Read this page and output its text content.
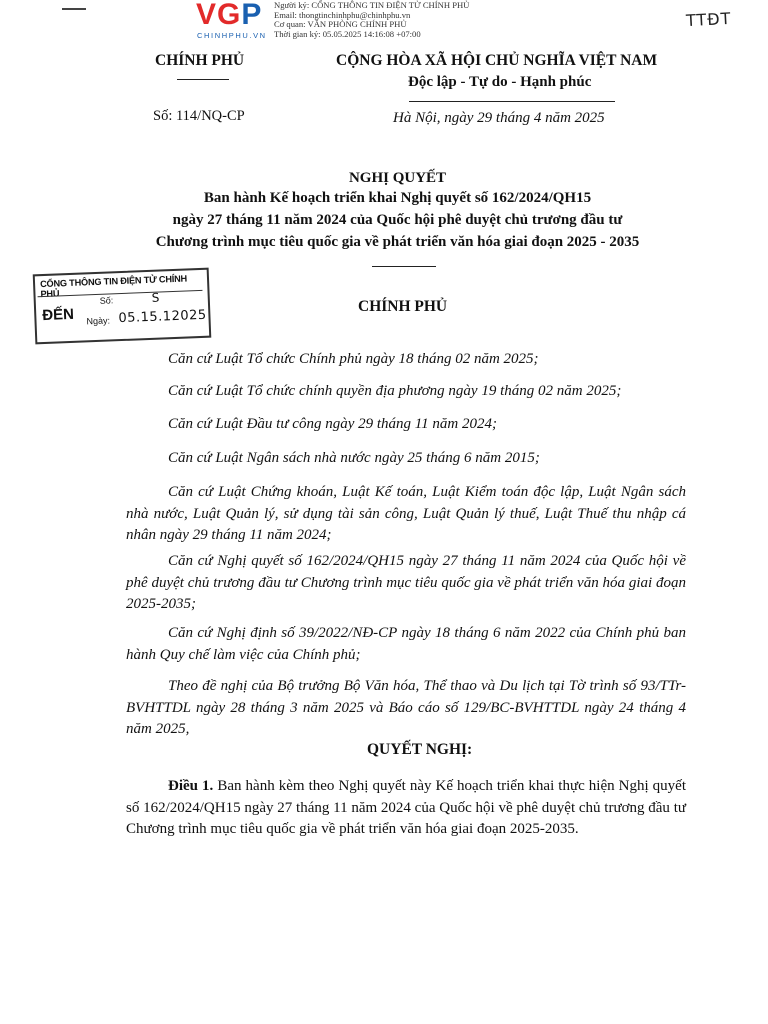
VGP
CHINHPHU.VN
Người ký: CỔNG THÔNG TIN ĐIỆN TỬ CHÍNH PHỦ
Email: thongtinchinhphu@chinhphu.vn
Cơ quan: VĂN PHÒNG CHÍNH PHỦ
Thời gian ký: 05.05.2025 14:16:08 +07:00
TTĐT
CHÍNH PHỦ	CỘNG HÒA XÃ HỘI CHỦ NGHĨA VIỆT NAM
Độc lập - Tự do - Hạnh phúc
Số: 114/NQ-CP	Hà Nội, ngày 29 tháng 4 năm 2025
NGHỊ QUYẾT
Ban hành Kế hoạch triển khai Nghị quyết số 162/2024/QH15
ngày 27 tháng 11 năm 2024 của Quốc hội phê duyệt chủ trương đầu tư
Chương trình mục tiêu quốc gia về phát triển văn hóa giai đoạn 2025 - 2035
CỔNG THÔNG TIN ĐIỆN TỬ CHÍNH PHỦ
ĐẾN
Số:	S
Ngày: 05.15.12025
CHÍNH PHỦ
Căn cứ Luật Tổ chức Chính phủ ngày 18 tháng 02 năm 2025;
Căn cứ Luật Tổ chức chính quyền địa phương ngày 19 tháng 02 năm 2025;
Căn cứ Luật Đầu tư công ngày 29 tháng 11 năm 2024;
Căn cứ Luật Ngân sách nhà nước ngày 25 tháng 6 năm 2015;
Căn cứ Luật Chứng khoán, Luật Kế toán, Luật Kiểm toán độc lập, Luật Ngân sách nhà nước, Luật Quản lý, sử dụng tài sản công, Luật Quản lý thuế, Luật Thuế thu nhập cá nhân ngày 29 tháng 11 năm 2024;
Căn cứ Nghị quyết số 162/2024/QH15 ngày 27 tháng 11 năm 2024 của Quốc hội về phê duyệt chủ trương đầu tư Chương trình mục tiêu quốc gia về phát triển văn hóa giai đoạn 2025-2035;
Căn cứ Nghị định số 39/2022/NĐ-CP ngày 18 tháng 6 năm 2022 của Chính phủ ban hành Quy chế làm việc của Chính phủ;
Theo đề nghị của Bộ trưởng Bộ Văn hóa, Thể thao và Du lịch tại Tờ trình số 93/TTr-BVHTTDL ngày 28 tháng 3 năm 2025 và Báo cáo số 129/BC-BVHTTDL ngày 24 tháng 4 năm 2025,
QUYẾT NGHỊ:
Điều 1. Ban hành kèm theo Nghị quyết này Kế hoạch triển khai thực hiện Nghị quyết số 162/2024/QH15 ngày 27 tháng 11 năm 2024 của Quốc hội về phê duyệt chủ trương đầu tư Chương trình mục tiêu quốc gia về phát triển văn hóa giai đoạn 2025-2035.
